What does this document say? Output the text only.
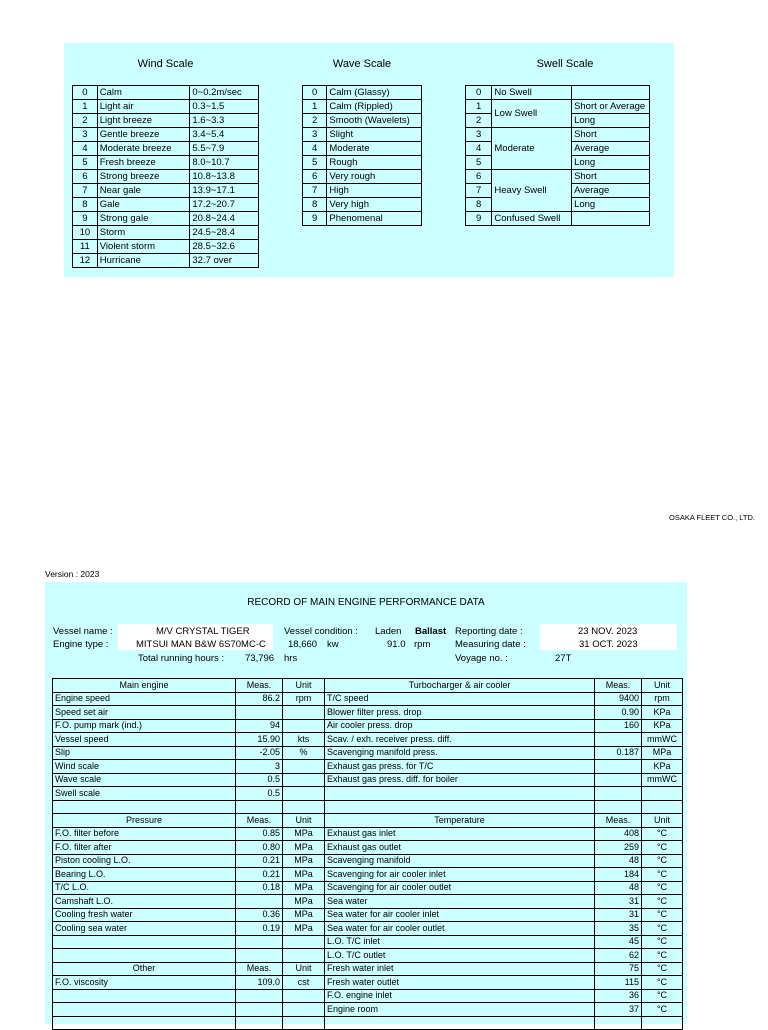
Wind Scale	Wave Scale	Swell Scale
0	Calm	0~0.2m/sec
1	Light air	0.3~1.5
2	Light breeze	1.6~3.3
3	Gentle breeze	3.4~5.4
4	Moderate breeze	5.5~7.9
5	Fresh breeze	8.0~10.7
6	Strong breeze	10.8~13.8
7	Near gale	13.9~17.1
8	Gale	17.2~20.7
9	Strong gale	20.8~24.4
10	Storm	24.5~28.4
11	Violent storm	28.5~32.6
12	Hurricane	32.7 over
0	Calm (Glassy)
1	Calm (Rippled)
2	Smooth (Wavelets)
3	Slight
4	Moderate
5	Rough
6	Very rough
7	High
8	Very high
9	Phenomenal
0	No Swell	
1	Low Swell	Short or Average
2		Long
3	Moderate	Short
4		Average
5		Long
6	Heavy Swell	Short
7		Average
8		Long
9	Confused Swell	
OSAKA FLEET CO., LTD.
Version : 2023
RECORD OF MAIN ENGINE PERFORMANCE DATA
Vessel name :	M/V CRYSTAL TIGER
Engine type :	MITSUI MAN B&W 6S70MC-C
Vessel condition : Laden Ballast
18,660 kw	91.0 rpm
Reporting date :	23 NOV. 2023
Measuring date :	31 OCT. 2023
Total running hours : 73,796 hrs	Voyage no. :	27T
Main engine	Meas.	Unit	Turbocharger & air cooler	Meas.	Unit
Engine speed	86.2	rpm	T/C speed	9400	rpm
Speed set air			Blower filter press. drop	0.90	KPa
F.O. pump mark (ind.)	94		Air cooler press. drop	160	KPa
Vessel speed	15.90	kts	Scav. / exh. receiver press. diff.		mmWC
Slip	-2.05	%	Scavenging manifold press.	0.187	MPa
Wind scale	3		Exhaust gas press. for T/C		KPa
Wave scale	0.5		Exhaust gas press. diff. for boiler		mmWC
Swell scale	0.5				

Pressure	Meas.	Unit	Temperature	Meas.	Unit
F.O. filter before	0.85	MPa	Exhaust gas inlet	408	°C
F.O. filter after	0.80	MPa	Exhaust gas outlet	259	°C
Piston cooling L.O.	0.21	MPa	Scavenging manifold	48	°C
Bearing L.O.	0.21	MPa	Scavenging for air cooler inlet	184	°C
T/C L.O.	0.18	MPa	Scavenging for air cooler outlet	48	°C
Camshaft L.O.		MPa	Sea water	31	°C
Cooling fresh water	0.36	MPa	Sea water for air cooler inlet	31	°C
Cooling sea water	0.19	MPa	Sea water for air cooler outlet	35	°C
			L.O. T/C inlet	45	°C
			L.O. T/C outlet	62	°C
Other	Meas.	Unit	Fresh water inlet	75	°C
F.O. viscosity	109.0	cst	Fresh water outlet	115	°C
			F.O. engine inlet	36	°C
			Engine room	37	°C
